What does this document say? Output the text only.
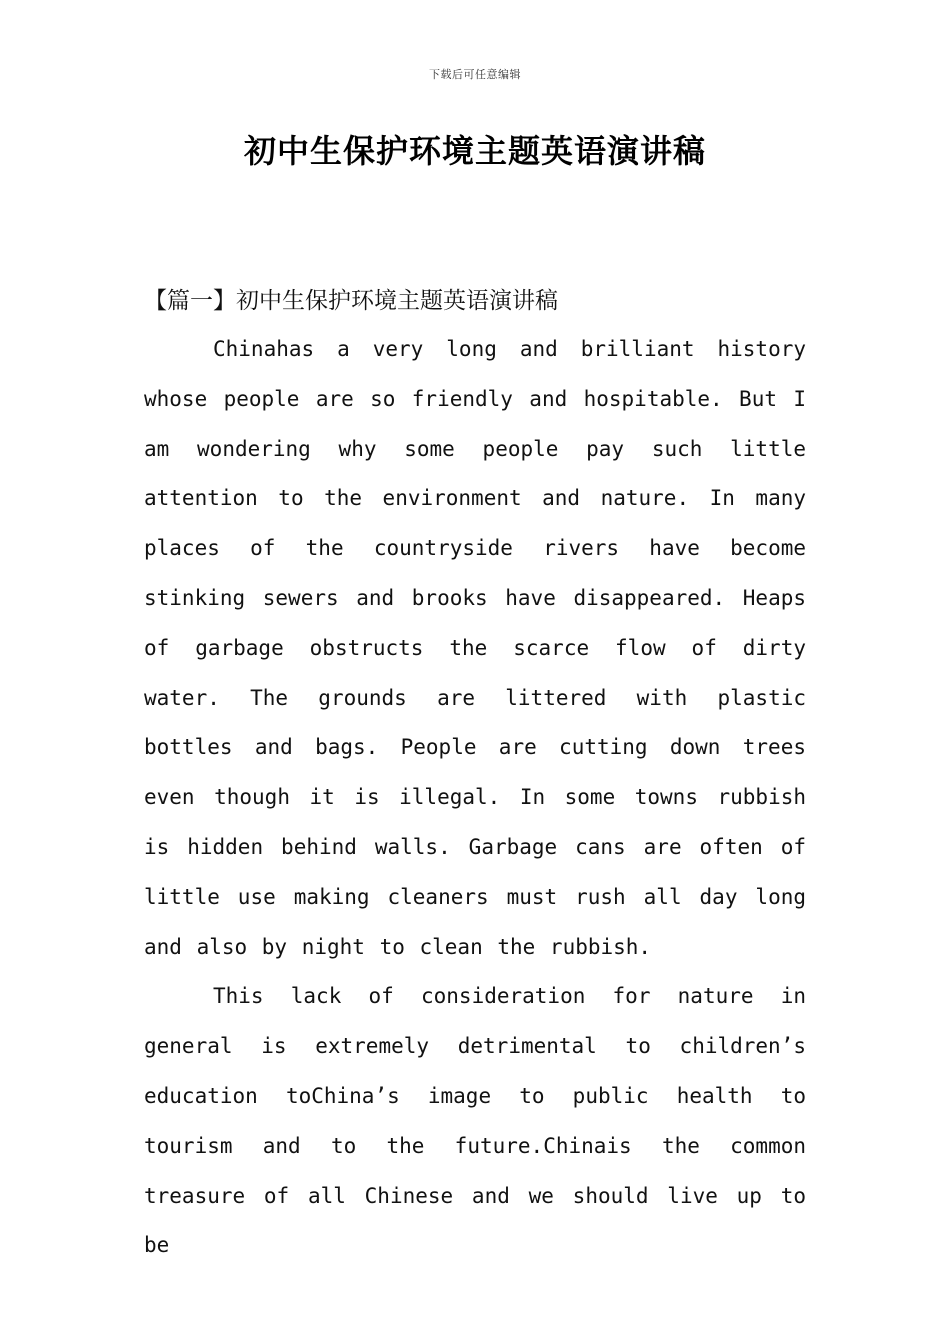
下载后可任意编辑
初中生保护环境主题英语演讲稿
【篇一】初中生保护环境主题英语演讲稿

Chinahas a very long and brilliant history whose people are so friendly and hospitable. But I am wondering why some people pay such little attention to the environment and nature. In many places of the countryside rivers have become stinking sewers and brooks have disappeared. Heaps of garbage obstructs the scarce flow of dirty water. The grounds are littered with plastic bottles and bags. People are cutting down trees even though it is illegal. In some towns rubbish is hidden behind walls. Garbage cans are often of little use making cleaners must rush all day long and also by night to clean the rubbish.

This lack of consideration for nature in general is extremely detrimental to children’s education toChina’s image to public health to tourism and to the future.Chinais the common treasure of all Chinese and we should live up to be
